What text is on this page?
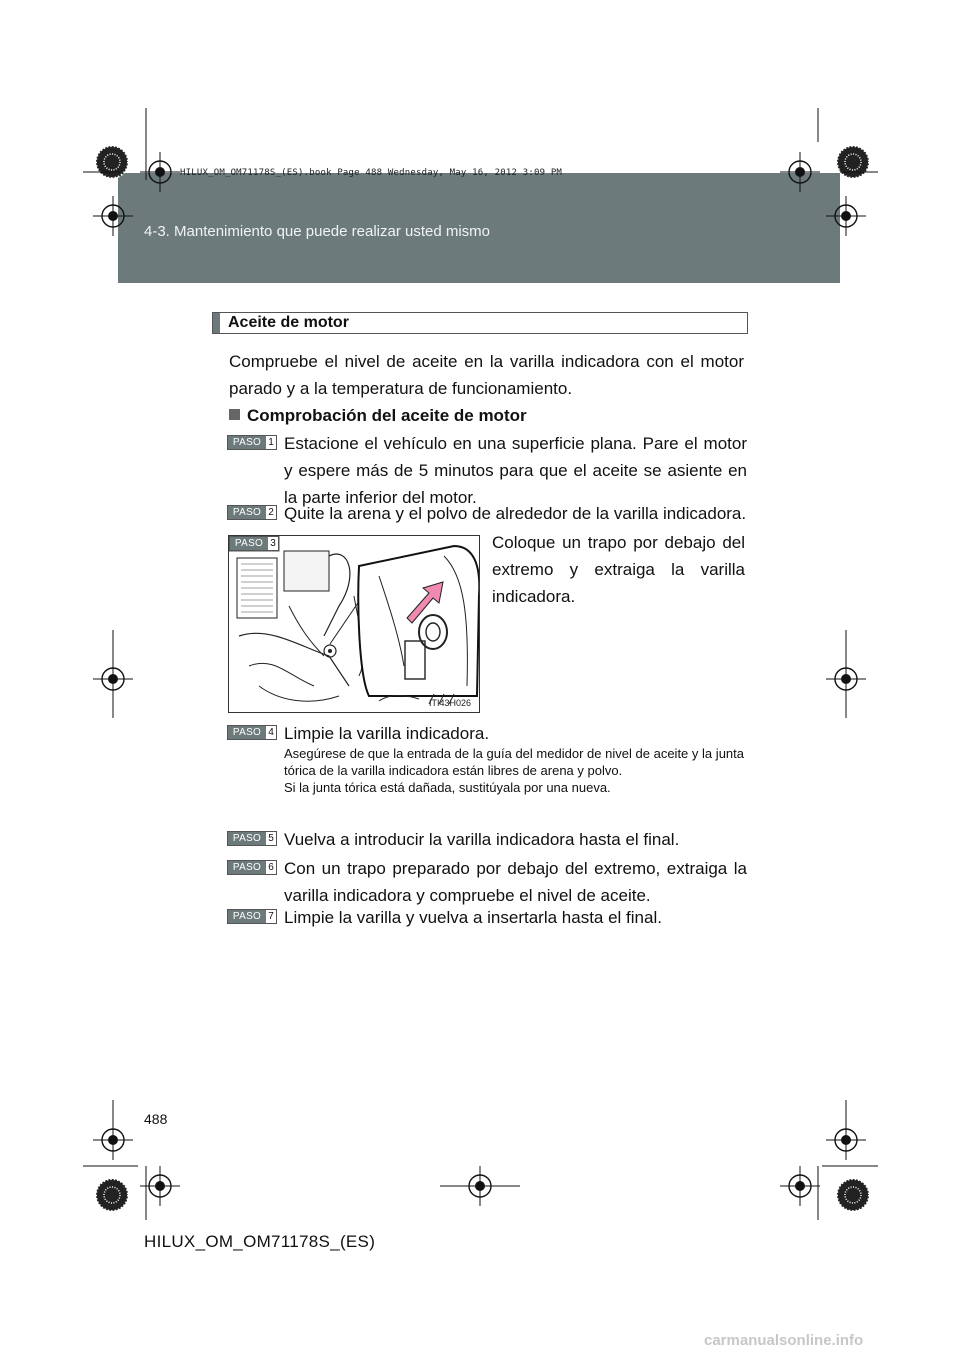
4-3. Mantenimiento que puede realizar usted mismo
HILUX_OM_OM71178S_(ES).book Page 488 Wednesday, May 16, 2012 3:09 PM
Aceite de motor
Compruebe el nivel de aceite en la varilla indicadora con el motor parado y a la temperatura de funcionamiento.
Comprobación del aceite de motor
PASO 1 Estacione el vehículo en una superficie plana. Pare el motor y espere más de 5 minutos para que el aceite se asiente en la parte inferior del motor.
PASO 2 Quite la arena y el polvo de alrededor de la varilla indicadora.
PASO 3
ITI43H026
Coloque un trapo por debajo del extremo y extraiga la varilla indicadora.
PASO 4 Limpie la varilla indicadora.

Asegúrese de que la entrada de la guía del medidor de nivel de aceite y la junta tórica de la varilla indicadora están libres de arena y polvo.

Si la junta tórica está dañada, sustitúyala por una nueva.

PASO 5 Vuelva a introducir la varilla indicadora hasta el final.
PASO 6 Con un trapo preparado por debajo del extremo, extraiga la varilla indicadora y compruebe el nivel de aceite.
PASO 7 Limpie la varilla y vuelva a insertarla hasta el final.
488
HILUX_OM_OM71178S_(ES)
carmanualsonline.info
